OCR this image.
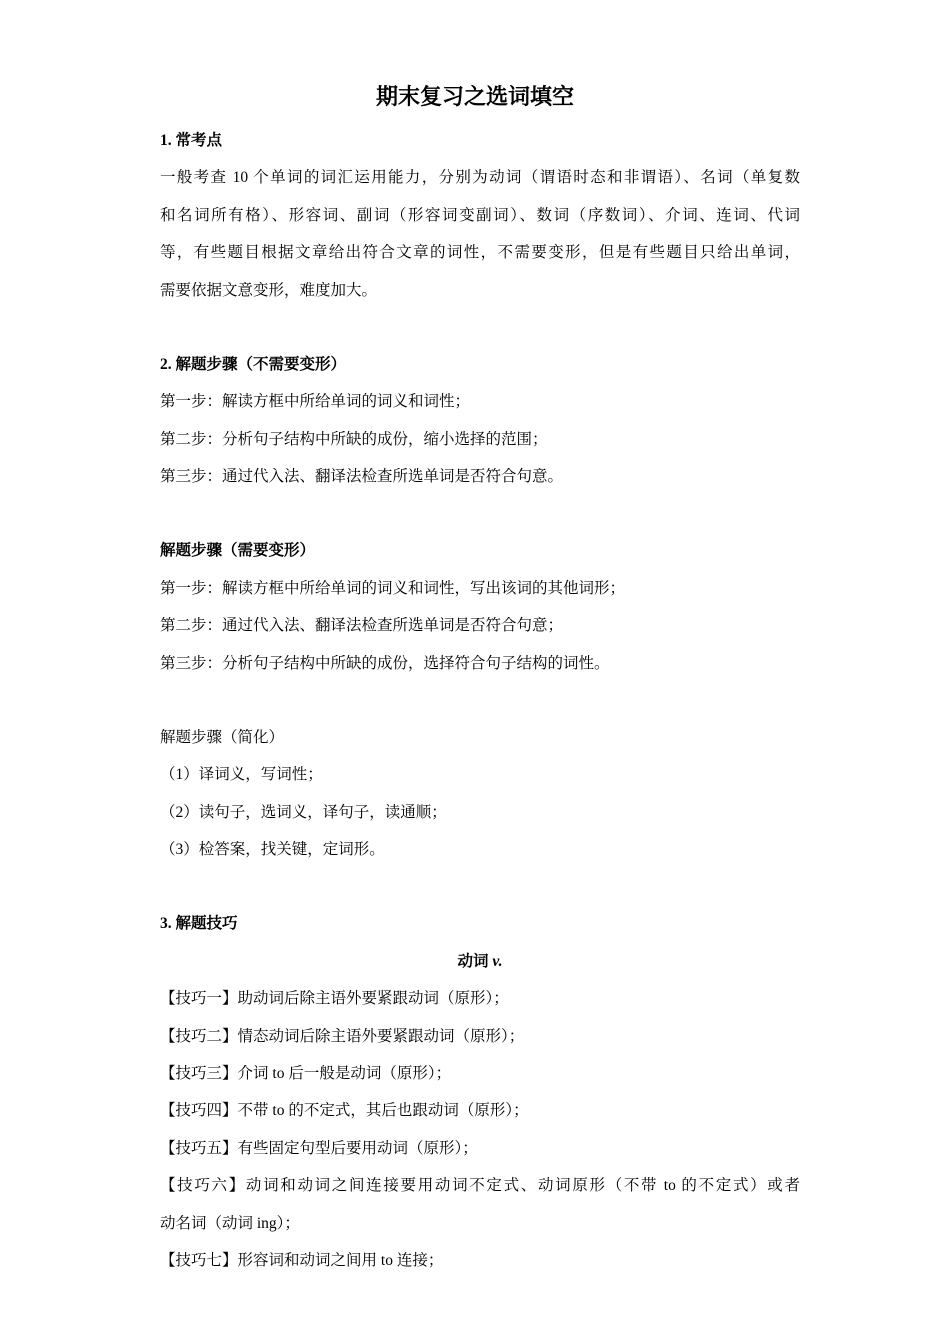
期末复习之选词填空

1. 常考点

一般考查 10 个单词的词汇运用能力，分别为动词（谓语时态和非谓语）、名词（单复数

和名词所有格）、形容词、副词（形容词变副词）、数词（序数词）、介词、连词、代词

等，有些题目根据文章给出符合文章的词性，不需要变形，但是有些题目只给出单词，

需要依据文意变形，难度加大。

2. 解题步骤（不需要变形）

第一步：解读方框中所给单词的词义和词性；

第二步：分析句子结构中所缺的成份，缩小选择的范围；

第三步：通过代入法、翻译法检查所选单词是否符合句意。

解题步骤（需要变形）

第一步：解读方框中所给单词的词义和词性，写出该词的其他词形；

第二步：通过代入法、翻译法检查所选单词是否符合句意；

第三步：分析句子结构中所缺的成份，选择符合句子结构的词性。

解题步骤（简化）

（1）译词义，写词性；

（2）读句子，选词义，译句子，读通顺；

（3）检答案，找关键，定词形。

3. 解题技巧

动词 v.

【技巧一】助动词后除主语外要紧跟动词（原形）；

【技巧二】情态动词后除主语外要紧跟动词（原形）；

【技巧三】介词 to 后一般是动词（原形）；

【技巧四】不带 to 的不定式，其后也跟动词（原形）；

【技巧五】有些固定句型后要用动词（原形）；

【技巧六】动词和动词之间连接要用动词不定式、动词原形（不带 to 的不定式）或者

动名词（动词 ing）；

【技巧七】形容词和动词之间用 to 连接；
